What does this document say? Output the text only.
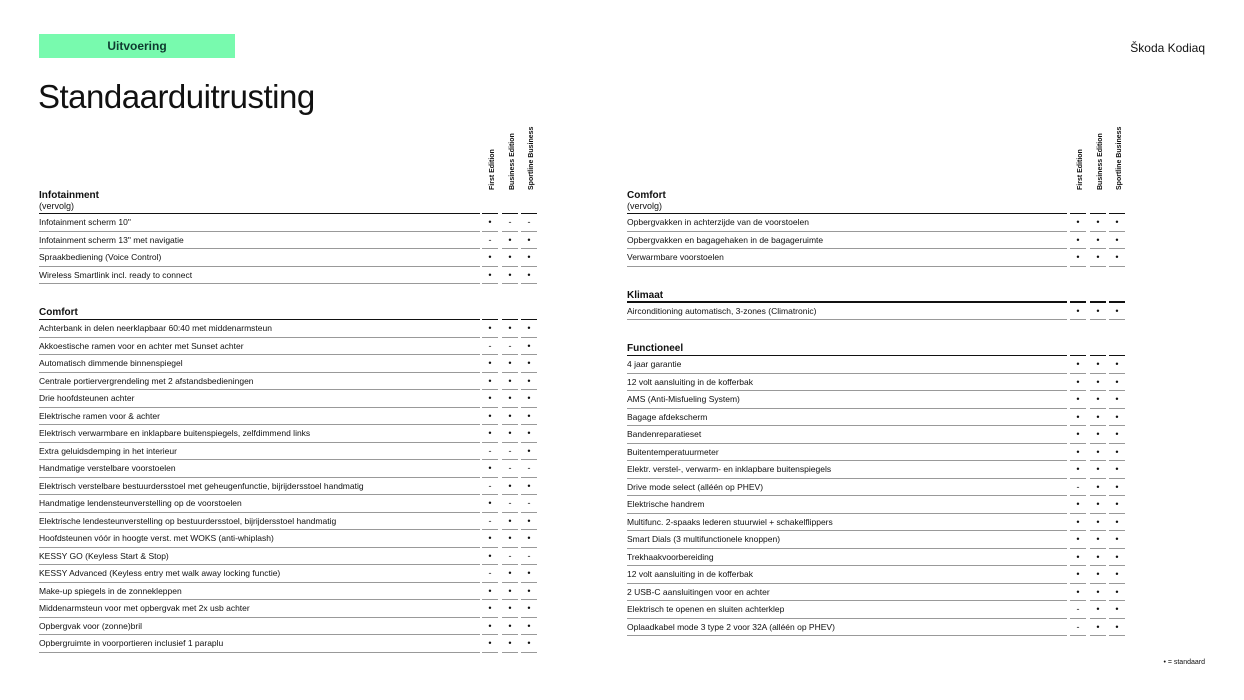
Uitvoering	Škoda Kodiaq
Standaarduitrusting
First Edition Business Edition Sportline Business
Infotainment (vervolg)
Infotainment scherm 10"	•	-	-
Infotainment scherm 13" met navigatie	-	•	•
Spraakbediening (Voice Control)	•	•	•
Wireless Smartlink incl. ready to connect	•	•	•
Comfort
Achterbank in delen neerklapbaar 60:40 met middenarmsteun	•	•	•
Akkoestische ramen voor en achter met Sunset achter	-	-	•
Automatisch dimmende binnenspiegel	•	•	•
Centrale portiervergrendeling met 2 afstandsbedieningen	•	•	•
Drie hoofdsteunen achter	•	•	•
Elektrische ramen voor & achter	•	•	•
Elektrisch verwarmbare en inklapbare buitenspiegels, zelfdimmend links	•	•	•
Extra geluidsdemping in het interieur	-	-	•
Handmatige verstelbare voorstoelen	•	-	-
Elektrisch verstelbare bestuurdersstoel met geheugenfunctie, bijrijdersstoel handmatig	-	•	•
Handmatige lendensteunverstelling op de voorstoelen	•	-	-
Elektrische lendesteunverstelling op bestuurdersstoel, bijrijdersstoel handmatig	-	•	•
Hoofdsteunen vóór in hoogte verst. met WOKS (anti-whiplash)	•	•	•
KESSY GO (Keyless Start & Stop)	•	-	-
KESSY Advanced (Keyless entry met walk away locking functie)	-	•	•
Make-up spiegels in de zonnekleppen	•	•	•
Middenarmsteun voor met opbergvak met 2x usb achter	•	•	•
Opbergvak voor (zonne)bril	•	•	•
Opbergruimte in voorportieren inclusief 1 paraplu	•	•	•
First Edition Business Edition Sportline Business
Comfort (vervolg)
Opbergvakken in achterzijde van de voorstoelen	•	•	•
Opbergvakken en bagagehaken in de bagageruimte	•	•	•
Verwarmbare voorstoelen	•	•	•
Klimaat
Airconditioning automatisch, 3-zones (Climatronic)	•	•	•
Functioneel
4 jaar garantie	•	•	•
12 volt aansluiting in de kofferbak	•	•	•
AMS (Anti-Misfueling System)	•	•	•
Bagage afdekscherm	•	•	•
Bandenreparatieset	•	•	•
Buitentemperatuurmeter	•	•	•
Elektr. verstel-, verwarm- en inklapbare buitenspiegels	•	•	•
Drive mode select (alléén op PHEV)	-	•	•
Elektrische handrem	•	•	•
Multifunc. 2-spaaks lederen stuurwiel + schakelflippers	•	•	•
Smart Dials (3 multifunctionele knoppen)	•	•	•
Trekhaakvoorbereiding	•	•	•
12 volt aansluiting in de kofferbak	•	•	•
2 USB-C aansluitingen voor en achter	•	•	•
Elektrisch te openen en sluiten achterklep	-	•	•
Oplaadkabel mode 3 type 2 voor 32A (alléén op PHEV)	-	•	•
• = standaard
